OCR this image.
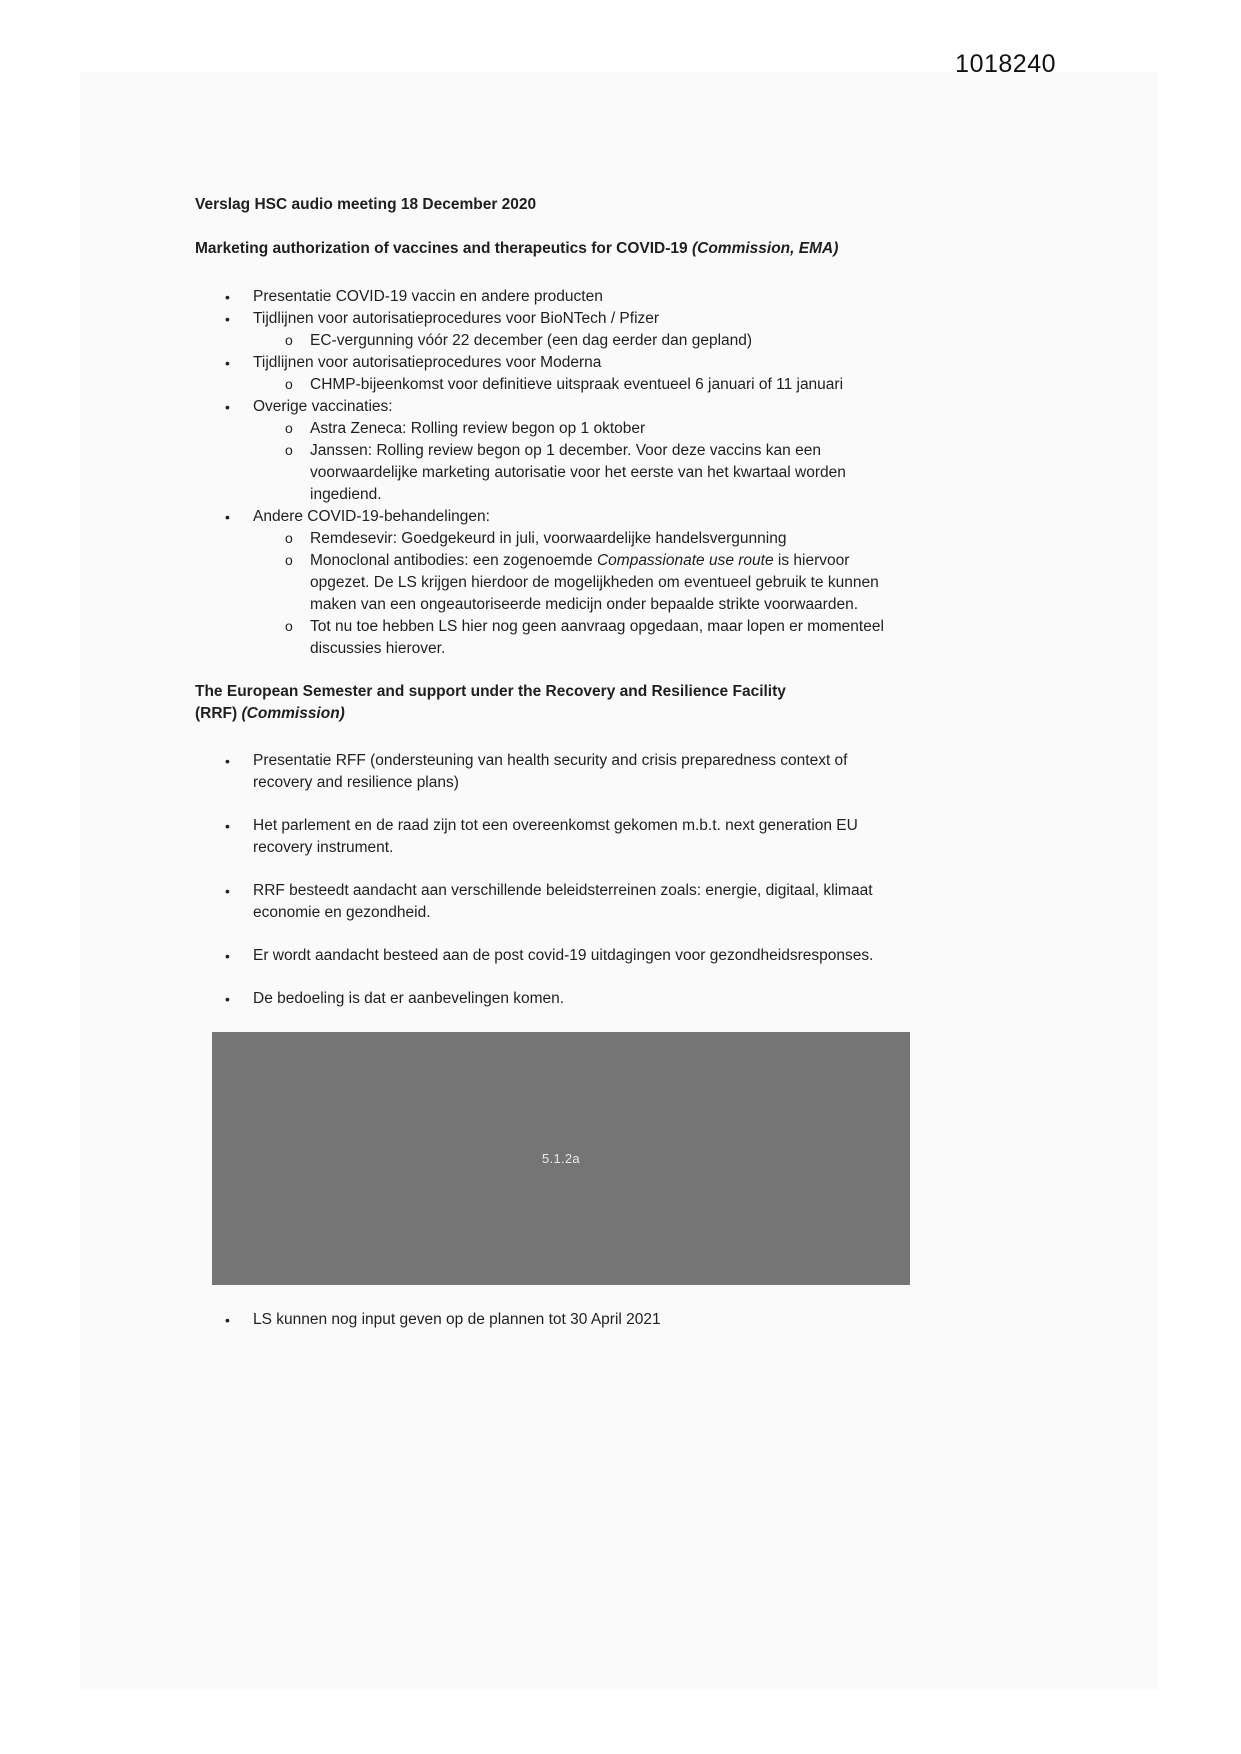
1018240
Verslag HSC audio meeting 18 December 2020
Marketing authorization of vaccines and therapeutics for COVID-19 (Commission, EMA)
• Presentatie COVID-19 vaccin en andere producten
• Tijdlijnen voor autorisatieprocedures voor BioNTech / Pfizer
o EC-vergunning vóór 22 december (een dag eerder dan gepland)
• Tijdlijnen voor autorisatieprocedures voor Moderna
o CHMP-bijeenkomst voor definitieve uitspraak eventueel 6 januari of 11 januari
• Overige vaccinaties:
o Astra Zeneca: Rolling review begon op 1 oktober
o Janssen: Rolling review begon op 1 december. Voor deze vaccins kan een voorwaardelijke marketing autorisatie voor het eerste van het kwartaal worden ingediend.
• Andere COVID-19-behandelingen:
o Remdesevir: Goedgekeurd in juli, voorwaardelijke handelsvergunning
o Monoclonal antibodies: een zogenoemde Compassionate use route is hiervoor opgezet. De LS krijgen hierdoor de mogelijkheden om eventueel gebruik te kunnen maken van een ongeautoriseerde medicijn onder bepaalde strikte voorwaarden.
o Tot nu toe hebben LS hier nog geen aanvraag opgedaan, maar lopen er momenteel discussies hierover.
The European Semester and support under the Recovery and Resilience Facility
(RRF) (Commission)
• Presentatie RFF (ondersteuning van health security and crisis preparedness context of recovery and resilience plans)
• Het parlement en de raad zijn tot een overeenkomst gekomen m.b.t. next generation EU recovery instrument.
• RRF besteedt aandacht aan verschillende beleidsterreinen zoals: energie, digitaal, klimaat economie en gezondheid.
• Er wordt aandacht besteed aan de post covid-19 uitdagingen voor gezondheidsresponses.
• De bedoeling is dat er aanbevelingen komen.
5.1.2a
• LS kunnen nog input geven op de plannen tot 30 April 2021
